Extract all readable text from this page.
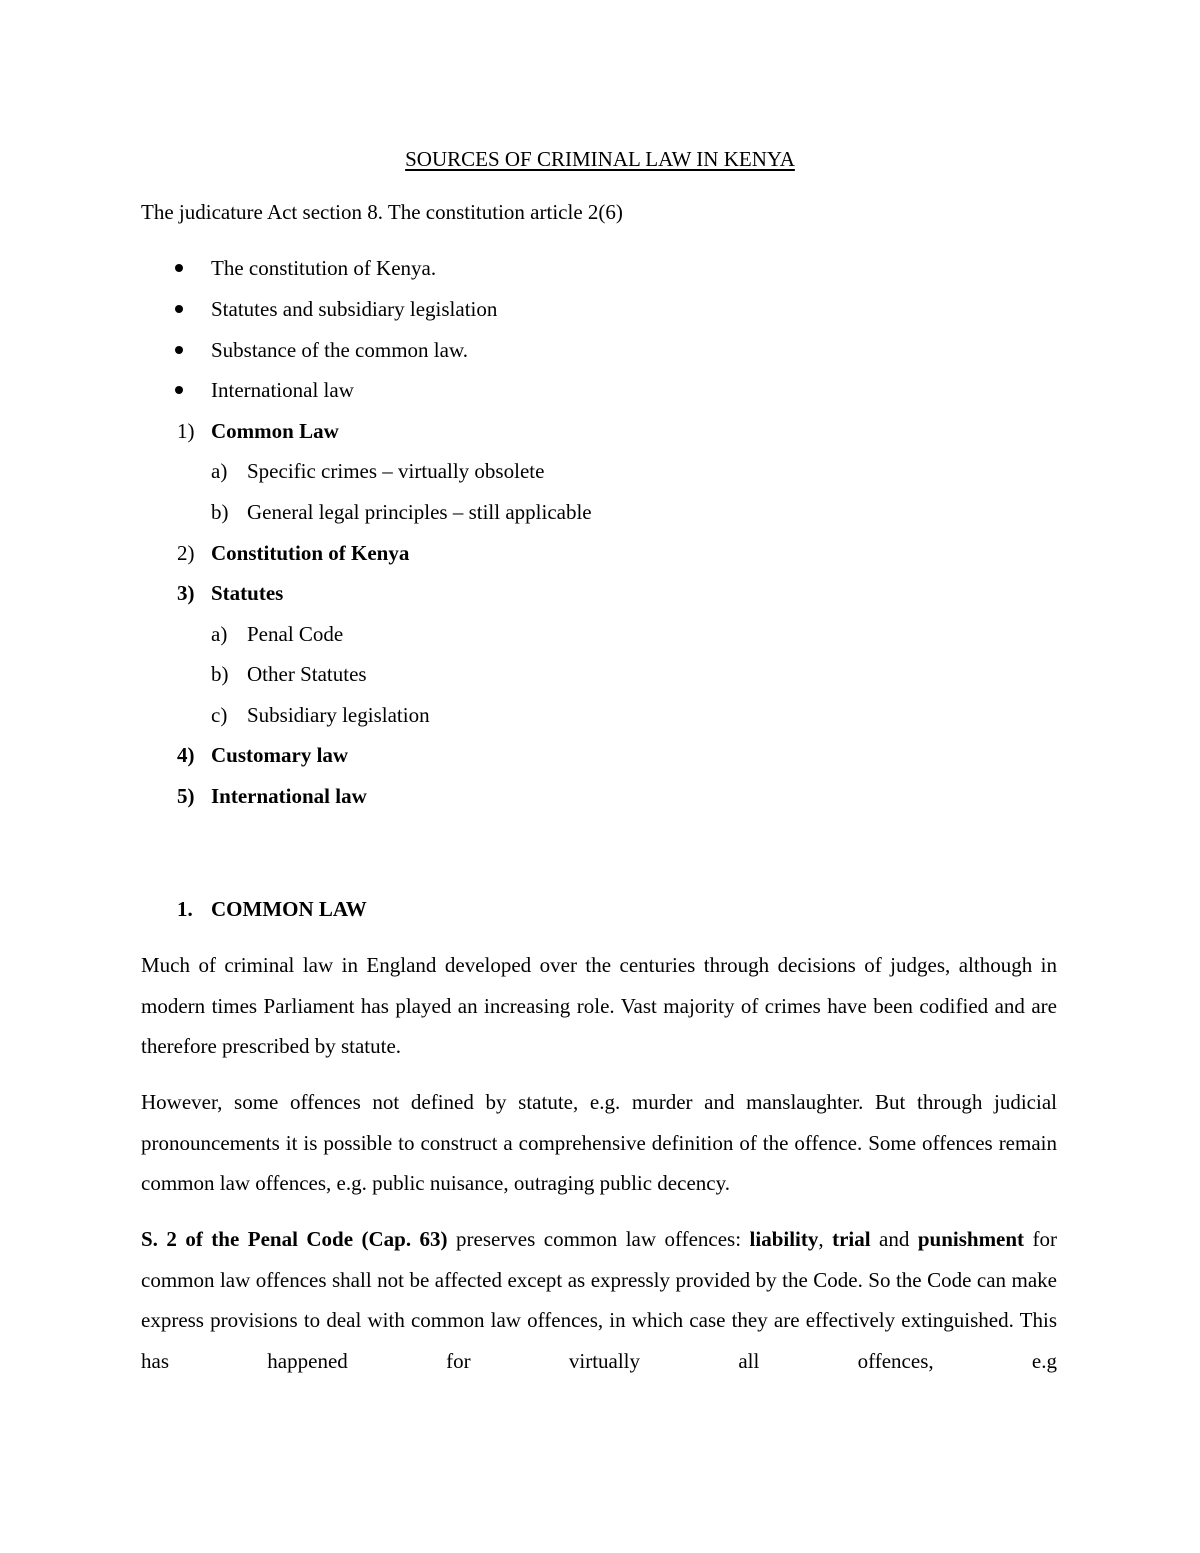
SOURCES OF CRIMINAL LAW IN KENYA
The judicature Act section 8. The constitution article 2(6)
The constitution of Kenya.
Statutes and subsidiary legislation
Substance of the common law.
International law
1) Common Law
a) Specific crimes – virtually obsolete
b) General legal principles – still applicable
2) Constitution of Kenya
3) Statutes
a) Penal Code
b) Other Statutes
c) Subsidiary legislation
4) Customary law
5) International law
1. COMMON LAW
Much of criminal law in England developed over the centuries through decisions of judges, although in modern times Parliament has played an increasing role. Vast majority of crimes have been codified and are therefore prescribed by statute.
However, some offences not defined by statute, e.g. murder and manslaughter. But through judicial pronouncements it is possible to construct a comprehensive definition of the offence. Some offences remain common law offences, e.g. public nuisance, outraging public decency.
S. 2 of the Penal Code (Cap. 63) preserves common law offences: liability, trial and punishment for common law offences shall not be affected except as expressly provided by the Code. So the Code can make express provisions to deal with common law offences, in which case they are effectively extinguished. This has happened for virtually all offences, e.g
